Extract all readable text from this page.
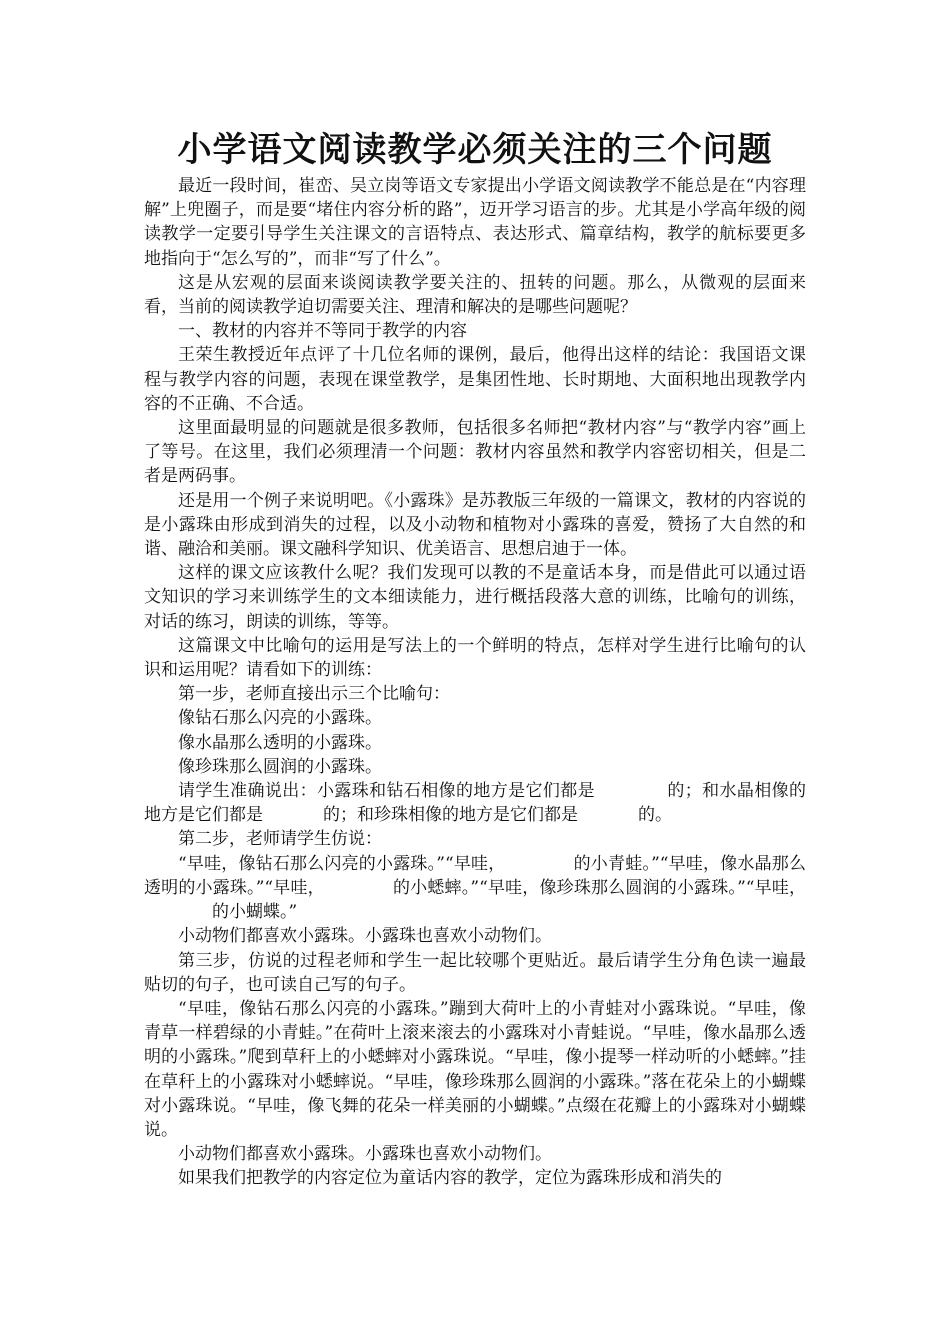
小学语文阅读教学必须关注的三个问题

最近一段时间，崔峦、吴立岗等语文专家提出小学语文阅读教学不能总是在“内容理解”上兜圈子，而是要“堵住内容分析的路”，迈开学习语言的步。尤其是小学高年级的阅读教学一定要引导学生关注课文的言语特点、表达形式、篇章结构，教学的航标要更多地指向于“怎么写的”，而非“写了什么”。

这是从宏观的层面来谈阅读教学要关注的、扭转的问题。那么，从微观的层面来看，当前的阅读教学迫切需要关注、理清和解决的是哪些问题呢？

一、教材的内容并不等同于教学的内容

王荣生教授近年点评了十几位名师的课例，最后，他得出这样的结论：我国语文课程与教学内容的问题，表现在课堂教学，是集团性地、长时期地、大面积地出现教学内容的不正确、不合适。

这里面最明显的问题就是很多教师，包括很多名师把“教材内容”与“教学内容”画上了等号。在这里，我们必须理清一个问题：教材内容虽然和教学内容密切相关，但是二者是两码事。

还是用一个例子来说明吧。《小露珠》是苏教版三年级的一篇课文，教材的内容说的是小露珠由形成到消失的过程，以及小动物和植物对小露珠的喜爱，赞扬了大自然的和谐、融洽和美丽。课文融科学知识、优美语言、思想启迪于一体。

这样的课文应该教什么呢？我们发现可以教的不是童话本身，而是借此可以通过语文知识的学习来训练学生的文本细读能力，进行概括段落大意的训练，比喻句的训练，对话的练习，朗读的训练，等等。

这篇课文中比喻句的运用是写法上的一个鲜明的特点，怎样对学生进行比喻句的认识和运用呢？请看如下的训练：

第一步，老师直接出示三个比喻句：

像钻石那么闪亮的小露珠。

像水晶那么透明的小露珠。

像珍珠那么圆润的小露珠。

请学生准确说出：小露珠和钻石相像的地方是它们都是	的；和水晶相像的地方是它们都是	的；和珍珠相像的地方是它们都是	的。

第二步，老师请学生仿说：

“早哇，像钻石那么闪亮的小露珠。”“早哇，	的小青蛙。”“早哇，像水晶那么透明的小露珠。”“早哇，	的小蟋蟀。”“早哇，像珍珠那么圆润的小露珠。”“早哇，的小蝴蝶。”

小动物们都喜欢小露珠。小露珠也喜欢小动物们。

第三步，仿说的过程老师和学生一起比较哪个更贴近。最后请学生分角色读一遍最贴切的句子，也可读自己写的句子。

“早哇，像钻石那么闪亮的小露珠。”蹦到大荷叶上的小青蛙对小露珠说。“早哇，像青草一样碧绿的小青蛙。”在荷叶上滚来滚去的小露珠对小青蛙说。“早哇，像水晶那么透明的小露珠。”爬到草秆上的小蟋蟀对小露珠说。“早哇，像小提琴一样动听的小蟋蟀。”挂在草秆上的小露珠对小蟋蟀说。“早哇，像珍珠那么圆润的小露珠。”落在花朵上的小蝴蝶对小露珠说。“早哇，像飞舞的花朵一样美丽的小蝴蝶。”点缀在花瓣上的小露珠对小蝴蝶说。

小动物们都喜欢小露珠。小露珠也喜欢小动物们。

如果我们把教学的内容定位为童话内容的教学，定位为露珠形成和消失的
